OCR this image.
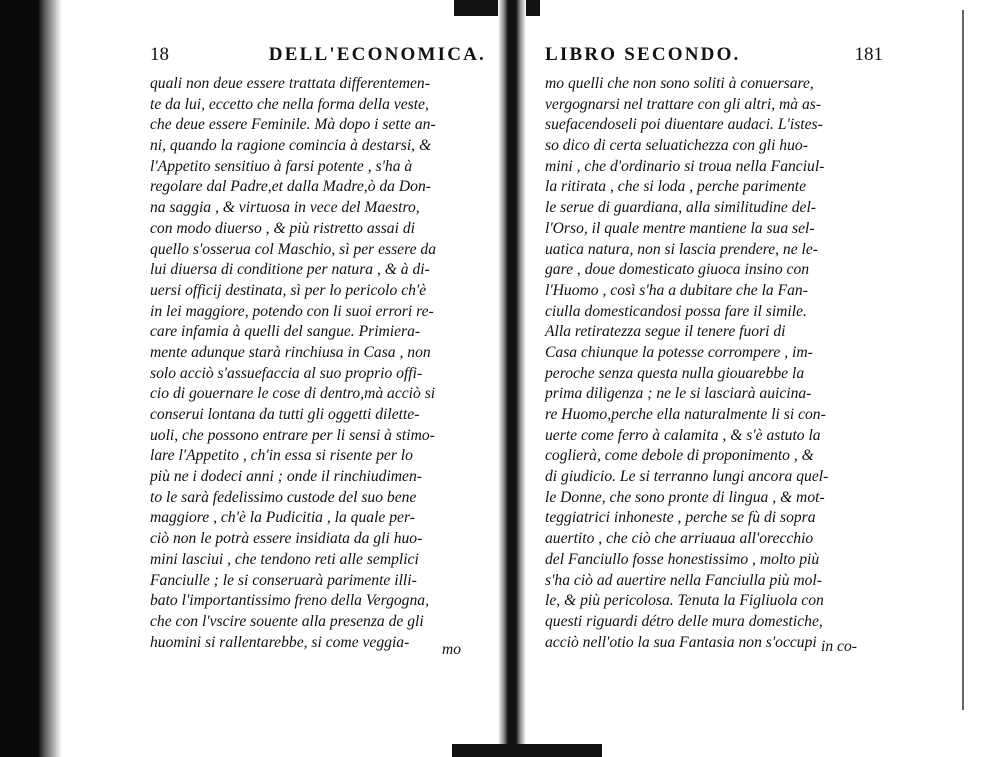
18	DELL'ECONOMICA.
quali non deue essere trattata differentemen-
te da lui, eccetto che nella forma della veste,
che deue essere Feminile. Mà dopo i sette an-
ni, quando la ragione comincia à destarsi, &
l'Appetito sensitiuo à farsi potente , s'ha à
regolare dal Padre,et dalla Madre,ò da Don-
na saggia , & virtuosa in vece del Maestro,
con modo diuerso , & più ristretto assai di
quello s'osserua col Maschio, sì per essere da
lui diuersa di conditione per natura , & à di-
uersi officij destinata, sì per lo pericolo ch'è
in lei maggiore, potendo con li suoi errori re-
care infamia à quelli del sangue. Primiera-
mente adunque starà rinchiusa in Casa , non
solo acciò s'assuefaccia al suo proprio offi-
cio di gouernare le cose di dentro,mà acciò si
conserui lontana da tutti gli oggetti dilette-
uoli, che possono entrare per li sensi à stimo-
lare l'Appetito , ch'in essa si risente per lo
più ne i dodeci anni ; onde il rinchiudimen-
to le sarà fedelissimo custode del suo bene
maggiore , ch'è la Pudicitia , la quale per-
ciò non le potrà essere insidiata da gli huo-
mini lasciui , che tendono reti alle semplici
Fanciulle ; le si conseruarà parimente illi-
bato l'importantissimo freno della Vergogna,
che con l'vscire souente alla presenza de gli
huomini si rallentarebbe, si come veggia-	mo
LIBRO SECONDO.	181
mo quelli che non sono soliti à conuersare,
vergognarsi nel trattare con gli altri, mà as-
suefacendoseli poi diuentare audaci. L'istes-
so dico di certa seluatichezza con gli huo-
mini , che d'ordinario si troua nella Fanciul-
la ritirata , che si loda , perche parimente
le serue di guardiana, alla similitudine del-
l'Orso, il quale mentre mantiene la sua sel-
uatica natura, non si lascia prendere, ne le-
gare , doue domesticato giuoca insino con
l'Huomo , così s'ha a dubitare che la Fan-
ciulla domesticandosi possa fare il simile.
Alla retiratezza segue il tenere fuori di
Casa chiunque la potesse corrompere , im-
peroche senza questa nulla giouarebbe la
prima diligenza ; ne le si lasciarà auicina-
re Huomo,perche ella naturalmente li si con-
uerte come ferro à calamita , & s'è astuto la
coglierà, come debole di proponimento , &
di giudicio. Le si terranno lungi ancora quel-
le Donne, che sono pronte di lingua , & mot-
teggiatrici inhoneste , perche se fù di sopra
auertito , che ciò che arriuaua all'orecchio
del Fanciullo fosse honestissimo , molto più
s'ha ciò ad auertire nella Fanciulla più mol-
le, & più pericolosa. Tenuta la Figliuola con
questi riguardi détro delle mura domestiche,
acciò nell'otio la sua Fantasia non s'occupi in co-
